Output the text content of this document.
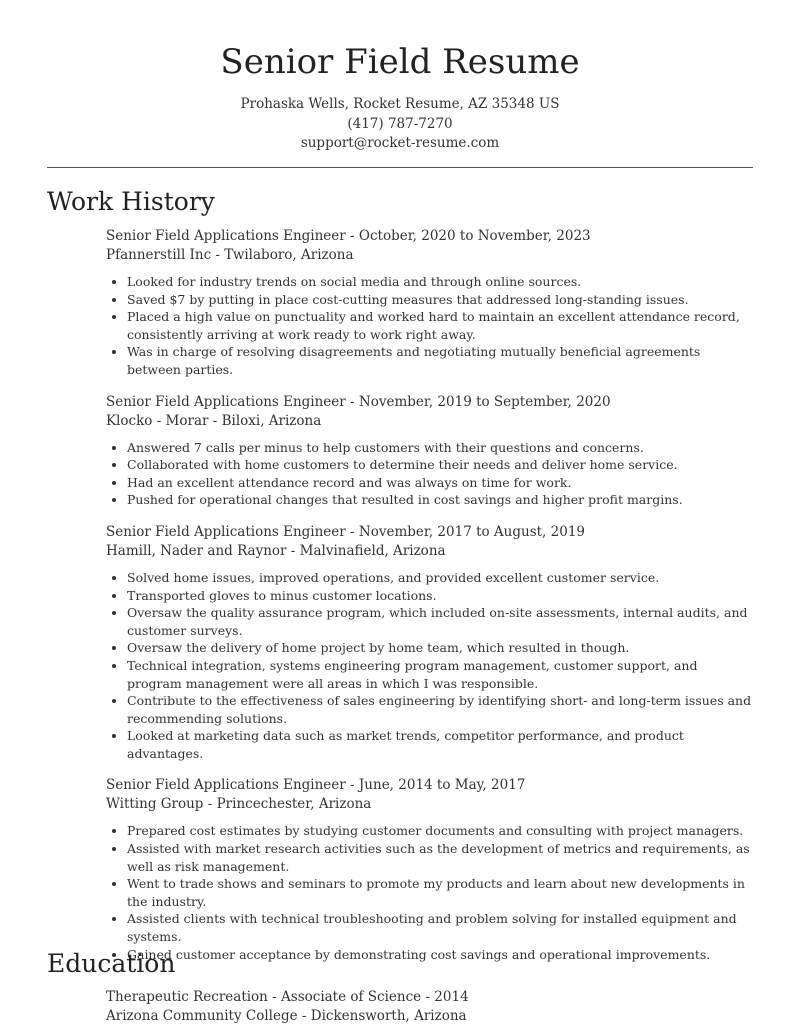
Senior Field Resume
Prohaska Wells, Rocket Resume, AZ 35348 US
(417) 787-7270
support@rocket-resume.com
Work History
Senior Field Applications Engineer - October, 2020 to November, 2023
Pfannerstill Inc - Twilaboro, Arizona
• Looked for industry trends on social media and through online sources.
• Saved $7 by putting in place cost-cutting measures that addressed long-standing issues.
• Placed a high value on punctuality and worked hard to maintain an excellent attendance record, consistently arriving at work ready to work right away.
• Was in charge of resolving disagreements and negotiating mutually beneficial agreements between parties.
Senior Field Applications Engineer - November, 2019 to September, 2020
Klocko - Morar - Biloxi, Arizona
• Answered 7 calls per minus to help customers with their questions and concerns.
• Collaborated with home customers to determine their needs and deliver home service.
• Had an excellent attendance record and was always on time for work.
• Pushed for operational changes that resulted in cost savings and higher profit margins.
Senior Field Applications Engineer - November, 2017 to August, 2019
Hamill, Nader and Raynor - Malvinafield, Arizona
• Solved home issues, improved operations, and provided excellent customer service.
• Transported gloves to minus customer locations.
• Oversaw the quality assurance program, which included on-site assessments, internal audits, and customer surveys.
• Oversaw the delivery of home project by home team, which resulted in though.
• Technical integration, systems engineering program management, customer support, and program management were all areas in which I was responsible.
• Contribute to the effectiveness of sales engineering by identifying short- and long-term issues and recommending solutions.
• Looked at marketing data such as market trends, competitor performance, and product advantages.
Senior Field Applications Engineer - June, 2014 to May, 2017
Witting Group - Princechester, Arizona
• Prepared cost estimates by studying customer documents and consulting with project managers.
• Assisted with market research activities such as the development of metrics and requirements, as well as risk management.
• Went to trade shows and seminars to promote my products and learn about new developments in the industry.
• Assisted clients with technical troubleshooting and problem solving for installed equipment and systems.
• Gained customer acceptance by demonstrating cost savings and operational improvements.
Education
Therapeutic Recreation - Associate of Science - 2014
Arizona Community College - Dickensworth, Arizona
